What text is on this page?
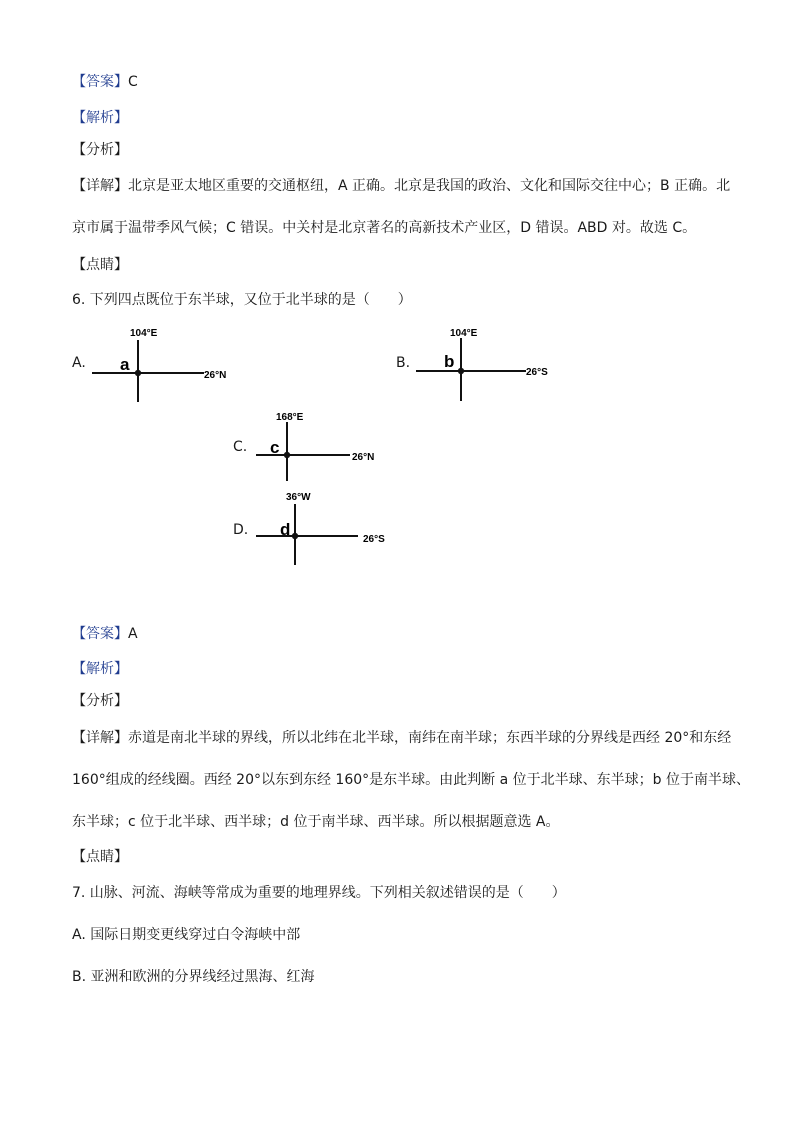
【答案】C
【解析】
【分析】
【详解】北京是亚太地区重要的交通枢纽，A 正确。北京是我国的政治、文化和国际交往中心；B 正确。北
京市属于温带季风气候；C 错误。中关村是北京著名的高新技术产业区，D 错误。ABD 对。故选 C。
【点睛】
6. 下列四点既位于东半球，又位于北半球的是（　　）
A.
104°E
26°N
a	B.
104°E
26°S
b
C.
168°E
26°N
c
D.
36°W
26°S
d
【答案】A
【解析】
【分析】
【详解】赤道是南北半球的界线，所以北纬在北半球，南纬在南半球；东西半球的分界线是西经 20°和东经
160°组成的经线圈。西经 20°以东到东经 160°是东半球。由此判断 a 位于北半球、东半球；b 位于南半球、
东半球；c 位于北半球、西半球；d 位于南半球、西半球。所以根据题意选 A。
【点睛】
7. 山脉、河流、海峡等常成为重要的地理界线。下列相关叙述错误的是（　　）
A. 国际日期变更线穿过白令海峡中部
B. 亚洲和欧洲的分界线经过黑海、红海
